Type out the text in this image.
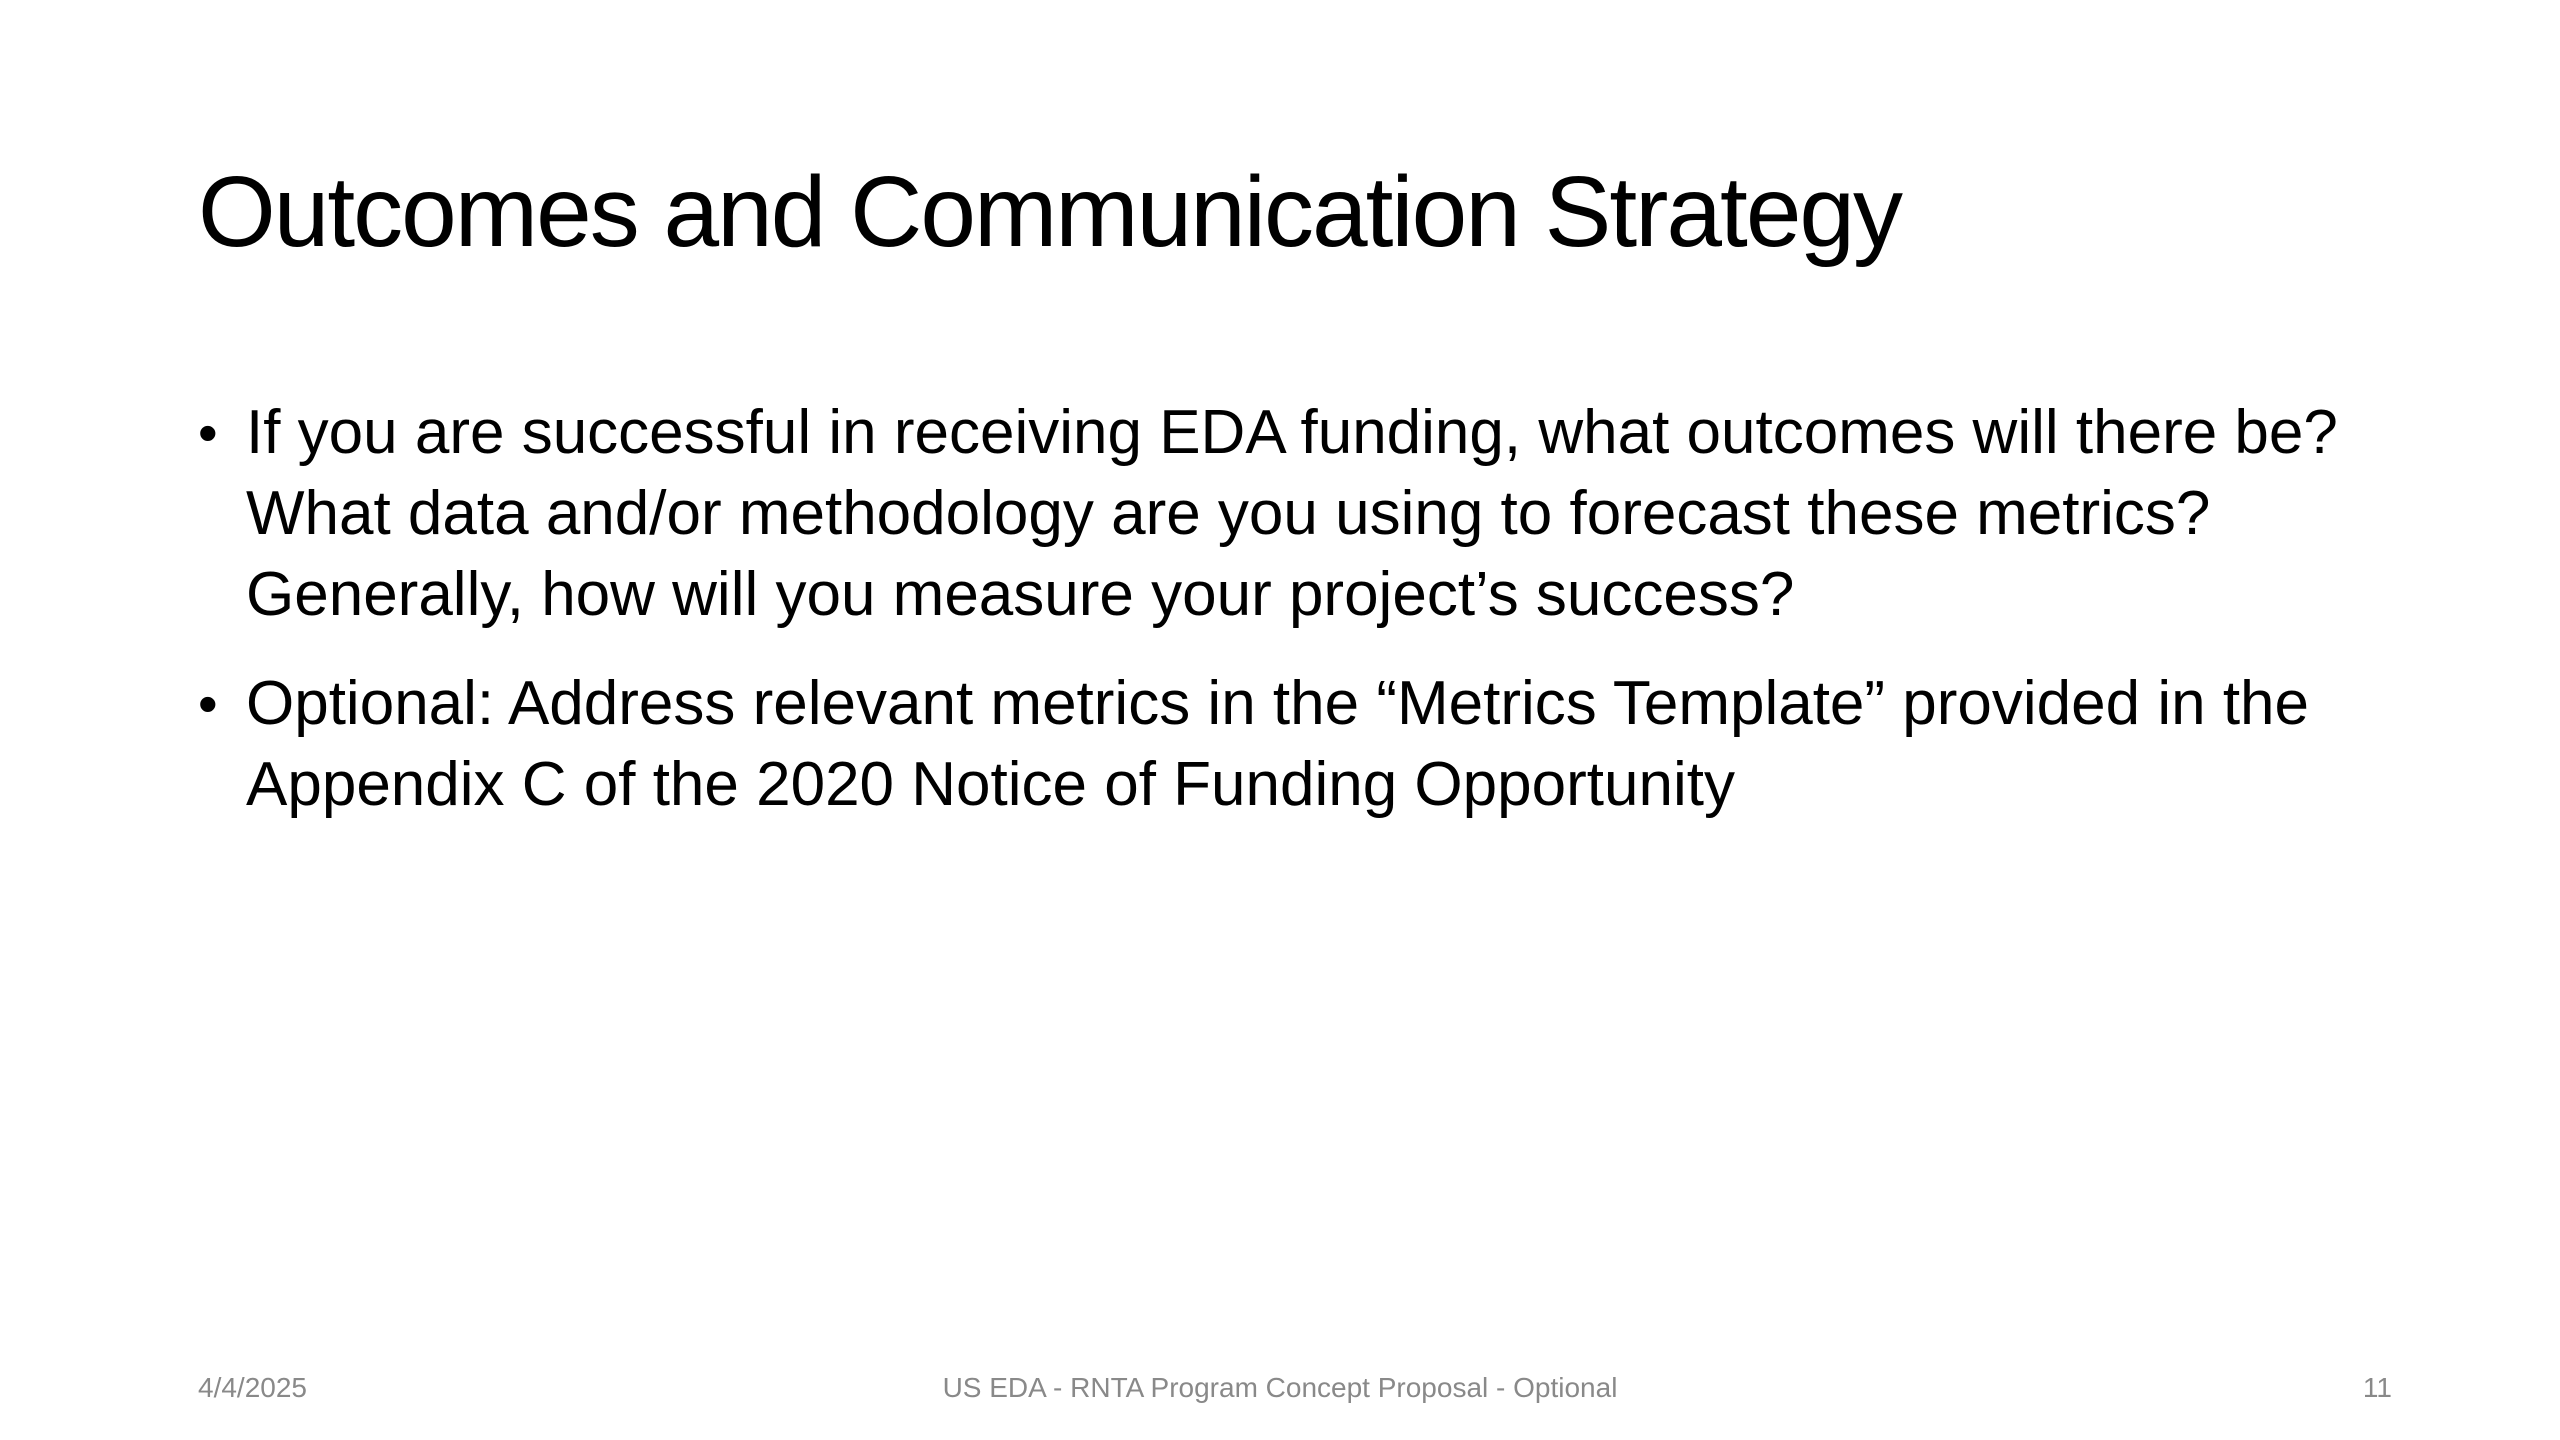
Outcomes and Communication Strategy
• If you are successful in receiving EDA funding, what outcomes will there be? What data and/or methodology are you using to forecast these metrics? Generally, how will you measure your project’s success?
• Optional: Address relevant metrics in the “Metrics Template” provided in the Appendix C of the 2020 Notice of Funding Opportunity
4/4/2025	US EDA - RNTA Program Concept Proposal - Optional	11
